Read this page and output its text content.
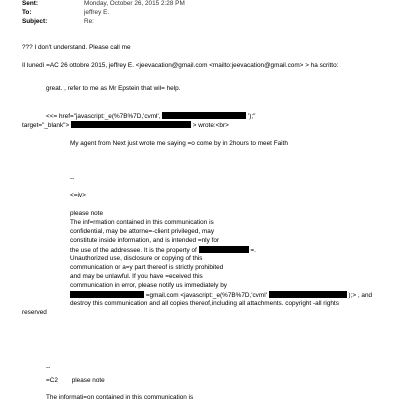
Sent:	Monday, October 26, 2015 2:28 PM
To:	jeffrey E.
Subject:	Re:
??? I don't understand. Please call me
Il lunedì =AC 26 ottobre 2015, jeffrey E. <jeevacation@gmail.com <mailto:jeevacation@gmail.com> > ha scritto:
great. , refer to me as Mr Epstein that wil= help.
<<= href="javascript:_e(%7B%7D,'cvml',	');"
target="_blank">	> wrote:<br>
My agent from Next just wrote me saying =o come by in 2hours to meet Faith
--
<=iv>
please note
The inf=rmation contained in this communication is
confidential, may be attorne=-client privileged, may
constitute inside information, and is intended =nly for
the use of the addressee. It is the property of	=.
Unauthorized use, disclosure or copying of this
communication or a=y part thereof is strictly prohibited
and may be unlawful. If you have =eceived this
communication in error, please notify us immediately by
=gmail.com <javascript:_e(%7B%7D,'cvml'	);> , and
destroy this communication and all copies thereof,including all attachments. copyright -all rights
reserved
--
=C2 please note
The informati=on contained in this communication is
